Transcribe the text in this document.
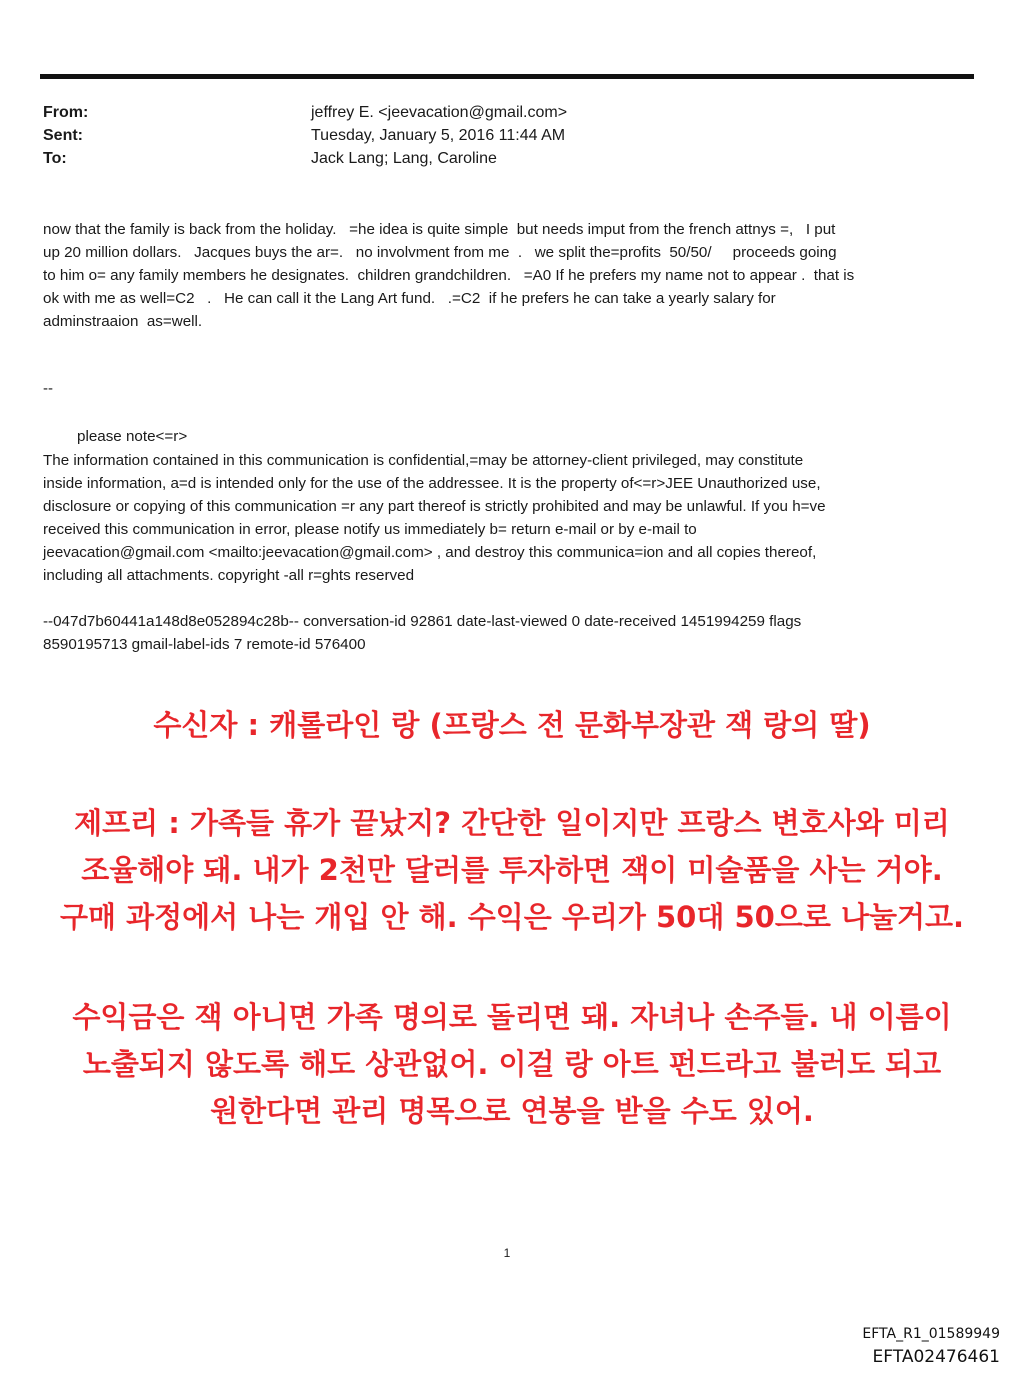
From:	jeffrey E. <jeevacation@gmail.com>
Sent:	Tuesday, January 5, 2016 11:44 AM
To:	Jack Lang; Lang, Caroline

now that the family is back from the holiday.   =he idea is quite simple  but needs imput from the french attnys =,   I put
up 20 million dollars.   Jacques buys the ar=.   no involvment from me  .   we split the=profits  50/50/     proceeds going
to him o= any family members he designates.  children grandchildren.   =A0 If he prefers my name not to appear .  that is
ok with me as well=C2   .   He can call it the Lang Art fund.   .=C2  if he prefers he can take a yearly salary for
adminstraaion  as=well.

--
please note<=r>

The information contained in this communication is confidential,=may be attorney-client privileged, may constitute
inside information, a=d is intended only for the use of the addressee. It is the property of<=r>JEE Unauthorized use,
disclosure or copying of this communication =r any part thereof is strictly prohibited and may be unlawful. If you h=ve
received this communication in error, please notify us immediately b= return e-mail or by e-mail to
jeevacation@gmail.com <mailto:jeevacation@gmail.com> , and destroy this communica=ion and all copies thereof,
including all attachments. copyright -all r=ghts reserved

--047d7b60441a148d8e052894c28b-- conversation-id 92861 date-last-viewed 0 date-received 1451994259 flags
8590195713 gmail-label-ids 7 remote-id 576400

수신자 : 캐롤라인 랑 (프랑스 전 문화부장관 잭 랑의 딸)

제프리 : 가족들 휴가 끝났지? 간단한 일이지만 프랑스 변호사와 미리

조율해야 돼. 내가 2천만 달러를 투자하면 잭이 미술품을 사는 거야.

구매 과정에서 나는 개입 안 해. 수익은 우리가 50대 50으로 나눌거고.

수익금은 잭 아니면 가족 명의로 돌리면 돼. 자녀나 손주들. 내 이름이

노출되지 않도록 해도 상관없어. 이걸 랑 아트 펀드라고 불러도 되고

원한다면 관리 명목으로 연봉을 받을 수도 있어.

1
EFTA_R1_01589949
EFTA02476461
